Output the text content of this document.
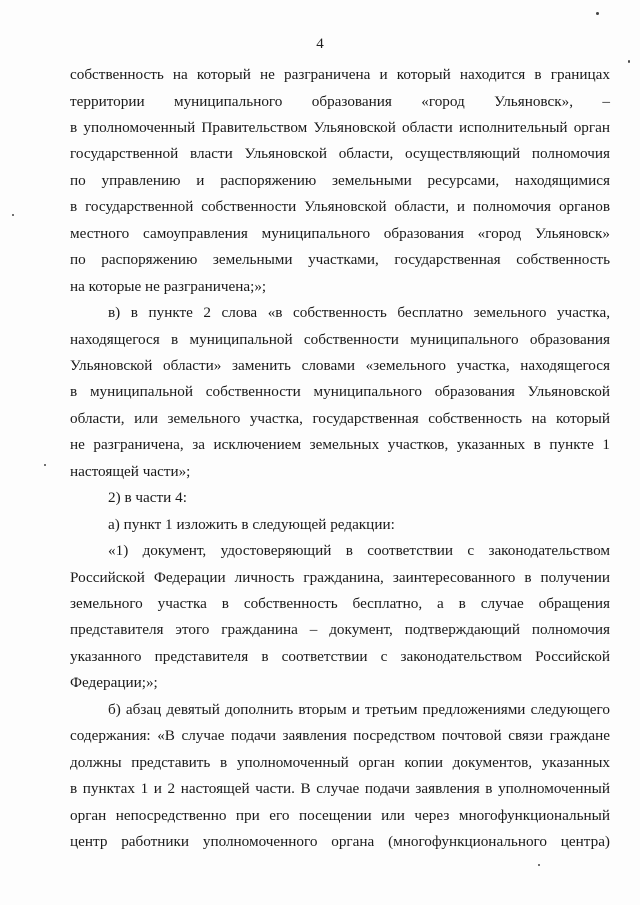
4
собственность на который не разграничена и который находится в границах
территории муниципального образования «город Ульяновск», –
в уполномоченный Правительством Ульяновской области исполнительный орган
государственной власти Ульяновской области, осуществляющий полномочия
по управлению и распоряжению земельными ресурсами, находящимися
в государственной собственности Ульяновской области, и полномочия органов
местного самоуправления муниципального образования «город Ульяновск»
по распоряжению земельными участками, государственная собственность
на которые не разграничена;»;
в) в пункте 2 слова «в собственность бесплатно земельного участка,
находящегося в муниципальной собственности муниципального образования
Ульяновской области» заменить словами «земельного участка, находящегося
в муниципальной собственности муниципального образования Ульяновской
области, или земельного участка, государственная собственность на который
не разграничена, за исключением земельных участков, указанных в пункте 1
настоящей части»;
2) в части 4:
а) пункт 1 изложить в следующей редакции:
«1) документ, удостоверяющий в соответствии с законодательством
Российской Федерации личность гражданина, заинтересованного в получении
земельного участка в собственность бесплатно, а в случае обращения
представителя этого гражданина – документ, подтверждающий полномочия
указанного представителя в соответствии с законодательством Российской
Федерации;»;
б) абзац девятый дополнить вторым и третьим предложениями следующего
содержания: «В случае подачи заявления посредством почтовой связи граждане
должны представить в уполномоченный орган копии документов, указанных
в пунктах 1 и 2 настоящей части. В случае подачи заявления в уполномоченный
орган непосредственно при его посещении или через многофункциональный
центр работники уполномоченного органа (многофункционального центра)
